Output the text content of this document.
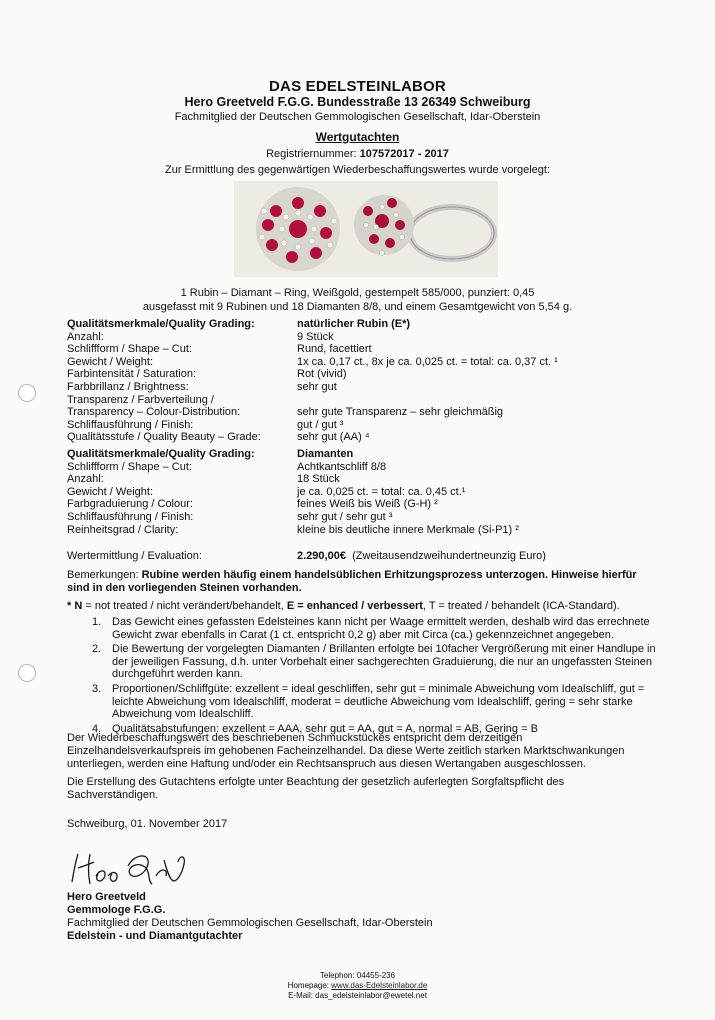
DAS EDELSTEINLABOR
Hero Greetveld F.G.G. Bundesstraße 13 26349 Schweiburg
Fachmitglied der Deutschen Gemmologischen Gesellschaft, Idar-Oberstein
Wertgutachten
Registriernummer: 107572017 - 2017
Zur Ermittlung des gegenwärtigen Wiederbeschaffungswertes wurde vorgelegt:
1 Rubin – Diamant – Ring, Weißgold, gestempelt 585/000, punziert: 0,45
ausgefasst mit 9 Rubinen und 18 Diamanten 8/8, und einem Gesamtgewicht von 5,54 g.
Qualitätsmerkmale/Quality Grading:	natürlicher Rubin (E*)
Anzahl:	9 Stück
Schliffform / Shape – Cut:	Rund, facettiert
Gewicht / Weight:	1x ca. 0,17 ct., 8x je ca. 0,025 ct. = total: ca. 0,37 ct. ¹
Farbintensität / Saturation:	Rot (vivid)
Farbbrillanz / Brightness:	sehr gut
Transparenz / Farbverteilung /
Transparency – Colour-Distribution:	sehr gute Transparenz – sehr gleichmäßig
Schliffausführung / Finish:	gut / gut ³
Qualitätsstufe / Quality Beauty – Grade:	sehr gut (AA) ⁴
Qualitätsmerkmale/Quality Grading:	Diamanten
Schliffform / Shape – Cut:	Achtkantschliff 8/8
Anzahl:	18 Stück
Gewicht / Weight:	je ca. 0,025 ct. = total: ca. 0,45 ct.¹
Farbgraduierung / Colour:	feines Weiß bis Weiß (G-H) ²
Schliffausführung / Finish:	sehr gut / sehr gut ³
Reinheitsgrad / Clarity:	kleine bis deutliche innere Merkmale (Si-P1) ²
Wertermittlung / Evaluation:	2.290,00€ (Zweitausendzweihundertneunzig Euro)
Bemerkungen: Rubine werden häufig einem handelsüblichen Erhitzungsprozess unterzogen. Hinweise hierfür sind in den vorliegenden Steinen vorhanden.
* N = not treated / nicht verändert/behandelt, E = enhanced / verbessert, T = treated / behandelt (ICA-Standard).
1. Das Gewicht eines gefassten Edelsteines kann nicht per Waage ermittelt werden, deshalb wird das errechnete Gewicht zwar ebenfalls in Carat (1 ct. entspricht 0,2 g) aber mit Circa (ca.) gekennzeichnet angegeben.
2. Die Bewertung der vorgelegten Diamanten / Brillanten erfolgte bei 10facher Vergrößerung mit einer Handlupe in der jeweiligen Fassung, d.h. unter Vorbehalt einer sachgerechten Graduierung, die nur an ungefassten Steinen durchgeführt werden kann.
3. Proportionen/Schliffgüte: exzellent = ideal geschliffen, sehr gut = minimale Abweichung vom Idealschliff, gut = leichte Abweichung vom Idealschliff, moderat = deutliche Abweichung vom Idealschliff, gering = sehr starke Abweichung vom Idealschliff.
4. Qualitätsabstufungen: exzellent = AAA, sehr gut = AA, gut = A, normal = AB, Gering = B
Der Wiederbeschaffungswert des beschriebenen Schmuckstückes entspricht dem derzeitigen Einzelhandelsverkaufspreis im gehobenen Facheinzelhandel. Da diese Werte zeitlich starken Marktschwankungen unterliegen, werden eine Haftung und/oder ein Rechtsanspruch aus diesen Wertangaben ausgeschlossen.
Die Erstellung des Gutachtens erfolgte unter Beachtung der gesetzlich auferlegten Sorgfaltspflicht des Sachverständigen.
Schweiburg, 01. November 2017
Hero Greetveld
Gemmologe F.G.G.
Fachmitglied der Deutschen Gemmologischen Gesellschaft, Idar-Oberstein
Edelstein - und Diamantgutachter
Telephon: 04455-236
Homepage: www.das-Edelsteinlabor.de
E-Mail: das_edelsteinlabor@ewetel.net
